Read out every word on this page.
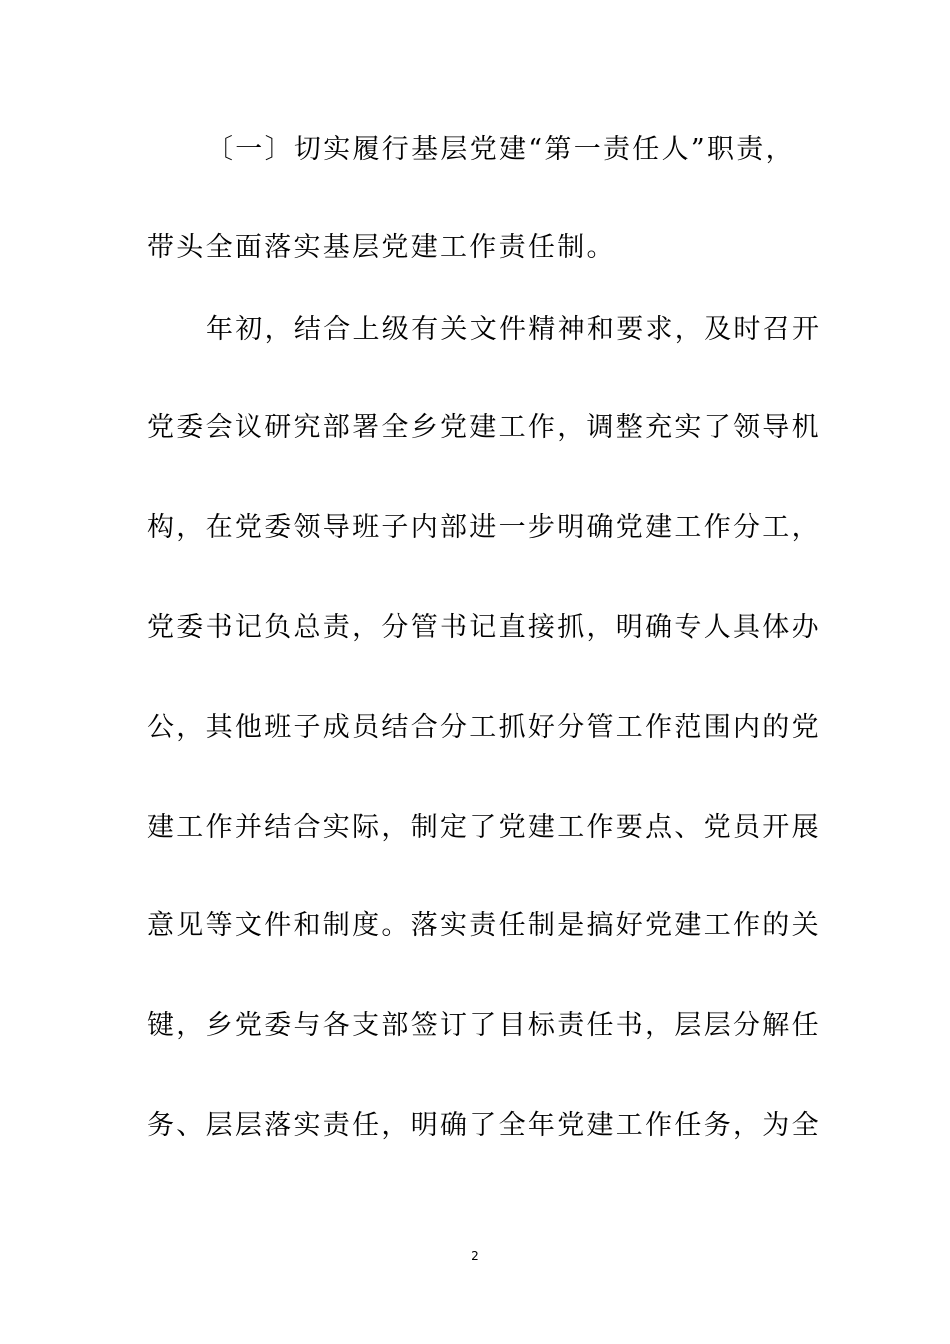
〔一〕切实履行基层党建“第一责任人”职责，
带头全面落实基层党建工作责任制。
年初，结合上级有关文件精神和要求，及时召开
党委会议研究部署全乡党建工作，调整充实了领导机
构，在党委领导班子内部进一步明确党建工作分工，
党委书记负总责，分管书记直接抓，明确专人具体办
公，其他班子成员结合分工抓好分管工作范围内的党
建工作并结合实际，制定了党建工作要点、党员开展
意见等文件和制度。落实责任制是搞好党建工作的关
键，乡党委与各支部签订了目标责任书，层层分解任
务、层层落实责任，明确了全年党建工作任务，为全
2
